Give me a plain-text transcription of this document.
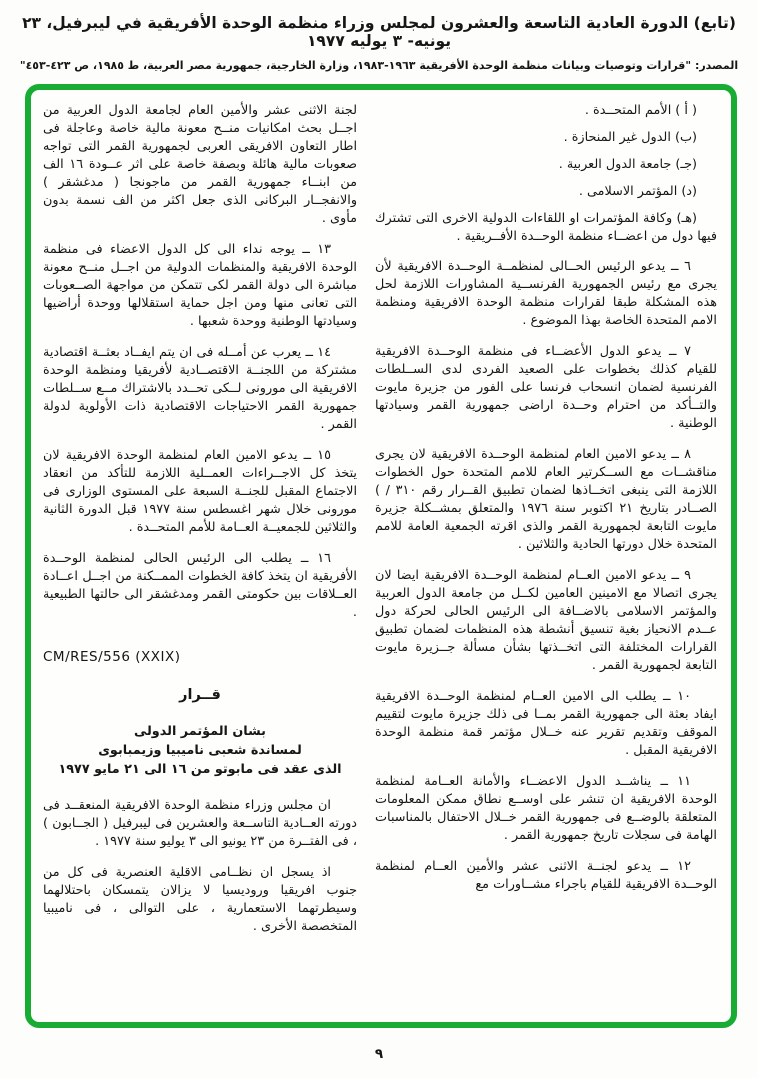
(تابع) الدورة العادية التاسعة والعشرون لمجلس وزراء منظمة الوحدة الأفريقية في ليبرفيل، ٢٣ يونيه- ٣ يوليه ١٩٧٧
المصدر: "قرارات وتوصيات وبيانات منظمة الوحدة الأفريقية ١٩٦٣-١٩٨٣، وزارة الخارجية، جمهورية مصر العربية، ط ١٩٨٥، ص ٤٢٣-٤٥٣"

( أ ) الأمم المتحــدة .

(ب) الدول غير المنحازة .

(جـ) جامعة الدول العربية .

(د) المؤتمر الاسلامى .

(هـ) وكافة المؤتمرات او اللقاءات الدولية الاخرى التى تشترك فيها دول من اعضــاء منظمة الوحــدة الأفــريقية .

٦ ــ يدعو الرئيس الحــالى لمنظمــة الوحــدة الافريقية لأن يجرى مع رئيس الجمهورية الفرنســية المشاورات اللازمة لحل هذه المشكلة طبقا لقرارات منظمة الوحدة الافريقية ومنظمة الامم المتحدة الخاصة بهذا الموضوع .

٧ ــ يدعو الدول الأعضــاء فى منظمة الوحــدة الافريقية للقيام كذلك بخطوات على الصعيد الفردى لدى الســلطات الفرنسية لضمان انسحاب فرنسا على الفور من جزيرة مايوت والتــأكد من احترام وحــدة اراضى جمهورية القمر وسيادتها الوطنية .

٨ ــ يدعو الامين العام لمنظمة الوحــدة الافريقية لان يجرى مناقشــات مع الســكرتير العام للامم المتحدة حول الخطوات اللازمة التى ينبغى اتخــاذها لضمان تطبيق القــرار رقم ٣١٠ / ) الصــادر بتاريخ ٢١ اكتوبر سنة ١٩٧٦ والمتعلق بمشــكلة جزيرة مايوت التابعة لجمهورية القمر والذى اقرته الجمعية العامة للامم المتحدة خلال دورتها الحادية والثلاثين .

٩ ــ يدعو الامين العــام لمنظمة الوحــدة الافريقية ايضا لان يجرى اتصالا مع الامينين العامين لكــل من جامعة الدول العربية والمؤتمر الاسلامى بالاضــافة الى الرئيس الحالى لحركة دول عــدم الانحياز بغية تنسيق أنشطة هذه المنظمات لضمان تطبيق القرارات المختلفة التى اتخــذتها بشأن مسألة جــزيرة مايوت التابعة لجمهورية القمر .

١٠ ــ يطلب الى الامين العــام لمنظمة الوحــدة الافريقية ايفاد بعثة الى جمهورية القمر بمــا فى ذلك جزيرة مايوت لتقييم الموقف وتقديم تقرير عنه خــلال مؤتمر قمة منظمة الوحدة الافريقية المقبل .

١١ ــ يناشــد الدول الاعضــاء والأمانة العــامة لمنظمة الوحدة الافريقية ان تنشر على اوســع نطاق ممكن المعلومات المتعلقة بالوضــع فى جمهورية القمر خــلال الاحتفال بالمناسبات الهامة فى سجلات تاريخ جمهورية القمر .

١٢ ــ يدعو لجنــة الاثنى عشر والأمين العــام لمنظمة الوحــدة الافريقية للقيام باجراء مشــاورات مع

لجنة الاثنى عشر والأمين العام لجامعة الدول العربية من اجــل بحث امكانيات منــح معونة مالية خاصة وعاجلة فى اطار التعاون الافريقى العربى لجمهورية القمر التى تواجه صعوبات مالية هائلة وبصفة خاصة على اثر عــودة ١٦ الف من ابنــاء جمهورية القمر من ماجونجا ( مدغشقر ) والانفجــار البركانى الذى جعل اكثر من الف نسمة بدون مأوى .

١٣ ــ يوجه نداء الى كل الدول الاعضاء فى منظمة الوحدة الافريقية والمنظمات الدولية من اجــل منــح معونة مباشرة الى دولة القمر لكى تتمكن من مواجهة الصــعوبات التى تعانى منها ومن اجل حماية استقلالها ووحدة أراضيها وسيادتها الوطنية ووحدة شعبها .

١٤ ــ يعرب عن أمــله فى ان يتم ايفــاد بعثــة اقتصادية مشتركة من اللجنــة الاقتصــادية لأفريقيا ومنظمة الوحدة الافريقية الى مورونى لــكى تحــدد بالاشتراك مــع ســلطات جمهورية القمر الاحتياجات الاقتصادية ذات الأولوية لدولة القمر .

١٥ ــ يدعو الامين العام لمنظمة الوحدة الافريقية لان يتخذ كل الاجــراءات العمــلية اللازمة للتأكد من انعقاد الاجتماع المقبل للجنــة السبعة على المستوى الوزارى فى مورونى خلال شهر اغسطس سنة ١٩٧٧ قبل الدورة الثانية والثلاثين للجمعيــة العــامة للأمم المتحــدة .

١٦ ــ يطلب الى الرئيس الحالى لمنظمة الوحــدة الأفريقية ان يتخذ كافة الخطوات الممــكنة من اجــل اعــادة العــلاقات بين حكومتى القمر ومدغشقر الى حالتها الطبيعية .

CM/RES/556 (XXIX)

قــرار

بشان المؤتمر الدولى
لمساندة شعبى ناميبيا وزيمبابوى
الذى عقد فى مابوتو من ١٦ الى ٢١ مايو ١٩٧٧

ان مجلس وزراء منظمة الوحدة الافريقية المنعقــد فى دورته العــادية التاســعة والعشرين فى ليبرفيل ( الجــابون ) ، فى الفتــرة من ٢٣ يونيو الى ٣ يوليو سنة ١٩٧٧ .

اذ يسجل ان نظــامى الاقلية العنصرية فى كل من جنوب افريقيا وروديسيا لا يزالان يتمسكان باحتلالهما وسيطرتهما الاستعمارية ، على التوالى ، فى ناميبيا المتخصصة الأخرى .

٩
